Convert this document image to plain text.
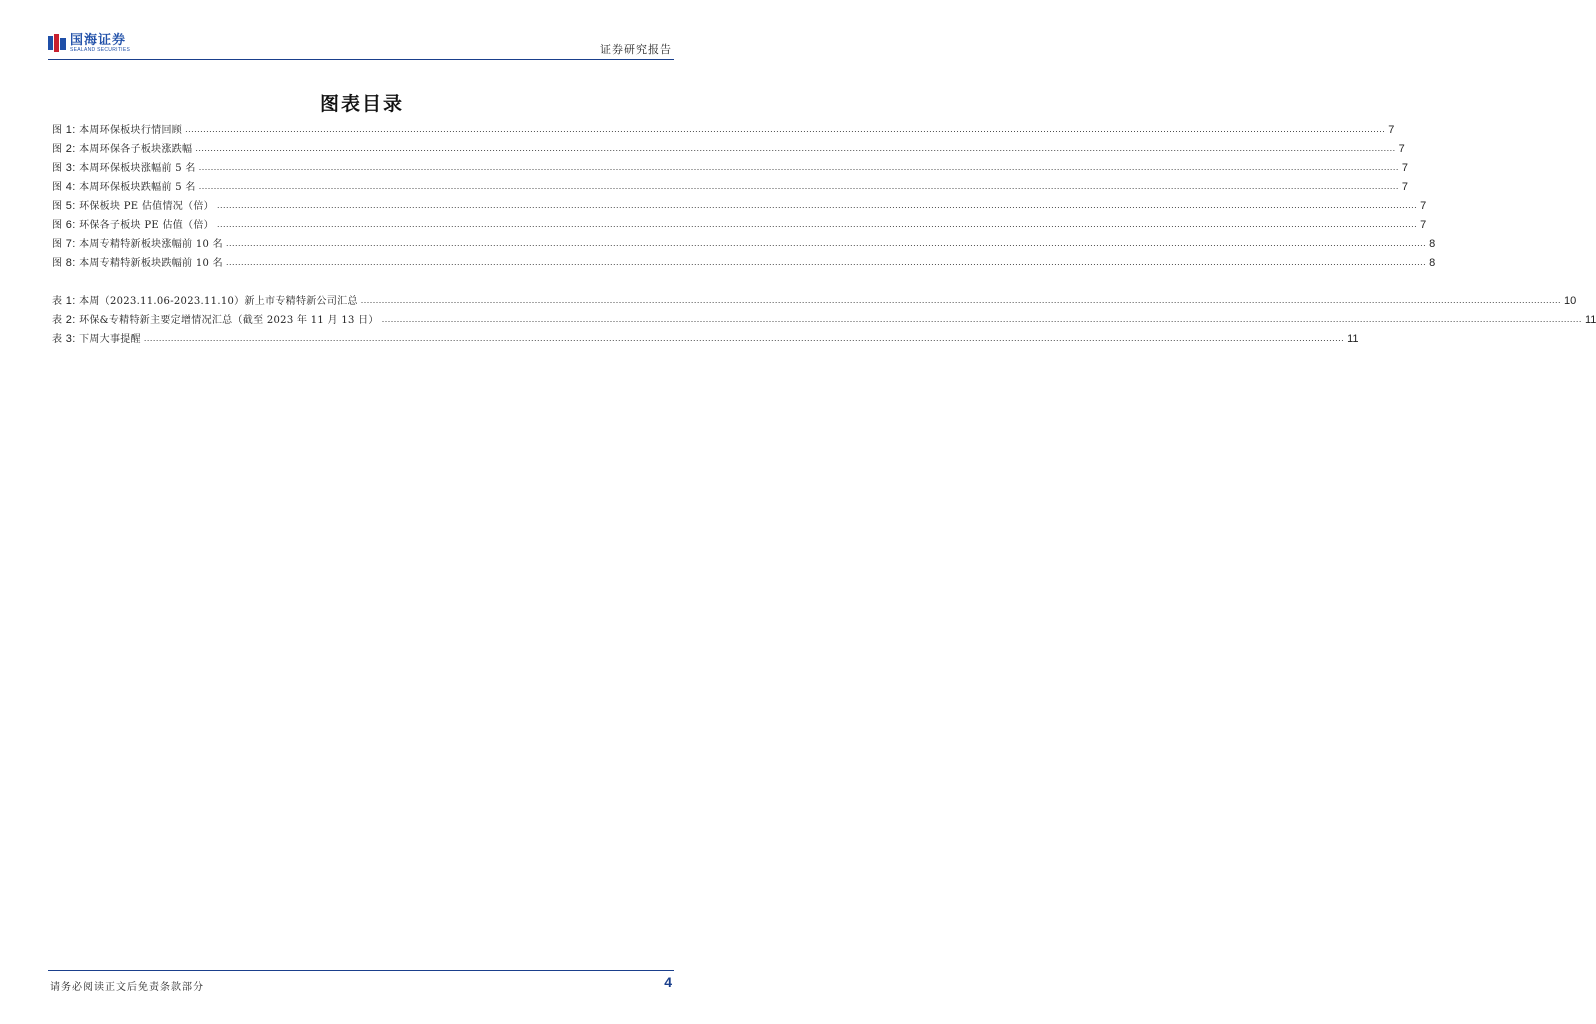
国海证券
SEALAND SECURITIES	证券研究报告
图表目录
图 1: 本周环保板块行情回顾 ................................................................................................................................................................................................................................................................................................................................................................................................................ 7
图 2: 本周环保各子板块涨跌幅 ................................................................................................................................................................................................................................................................................................................................................................................................................ 7
图 3: 本周环保板块涨幅前 5 名 ................................................................................................................................................................................................................................................................................................................................................................................................................ 7
图 4: 本周环保板块跌幅前 5 名 ................................................................................................................................................................................................................................................................................................................................................................................................................ 7
图 5: 环保板块 PE 估值情况（倍） ................................................................................................................................................................................................................................................................................................................................................................................................................ 7
图 6: 环保各子板块 PE 估值（倍） ................................................................................................................................................................................................................................................................................................................................................................................................................ 7
图 7: 本周专精特新板块涨幅前 10 名 ................................................................................................................................................................................................................................................................................................................................................................................................................ 8
图 8: 本周专精特新板块跌幅前 10 名 ................................................................................................................................................................................................................................................................................................................................................................................................................ 8
表 1: 本周（2023.11.06-2023.11.10）新上市专精特新公司汇总 ................................................................................................................................................................................................................................................................................................................................................................................................................ 10
表 2: 环保&专精特新主要定增情况汇总（截至 2023 年 11 月 13 日） ................................................................................................................................................................................................................................................................................................................................................................................................................ 11
表 3: 下周大事提醒 ................................................................................................................................................................................................................................................................................................................................................................................................................ 11
请务必阅读正文后免责条款部分	4
